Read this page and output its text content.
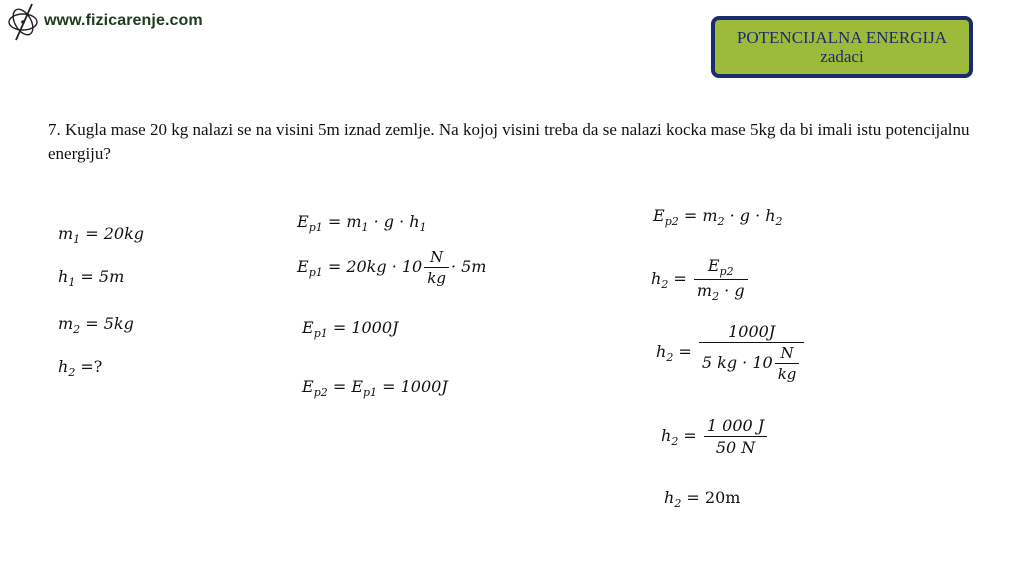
www.fizicarenje.com
POTENCIJALNA ENERGIJA
zadaci
7. Kugla mase 20 kg nalazi se na visini 5m iznad zemlje. Na kojoj visini treba da se nalazi kocka mase 5kg da bi imali istu potencijalnu energiju?
$m_1 = 20kg$
$h_1 = 5m$
$m_2 = 5kg$
$h_2$ =?
$E_{p1} = m_1 \cdot g \cdot h_1$
$E_{p1} = 20kg \cdot 10 \frac{N}{kg} \cdot 5m$
$E_{p1} = 1000J$
$E_{p2} = E_{p1} = 1000J$
$E_{p2} = m_2 \cdot g \cdot h_2$
$h_2 = \frac{E_{p2}}{m_2 \cdot g}$
$h_2 = \frac{1000J}{5 kg \cdot 10 \frac{N}{kg}}$
$h_2 = \frac{1 000 J}{50 N}$
$h_2 = 20m$
